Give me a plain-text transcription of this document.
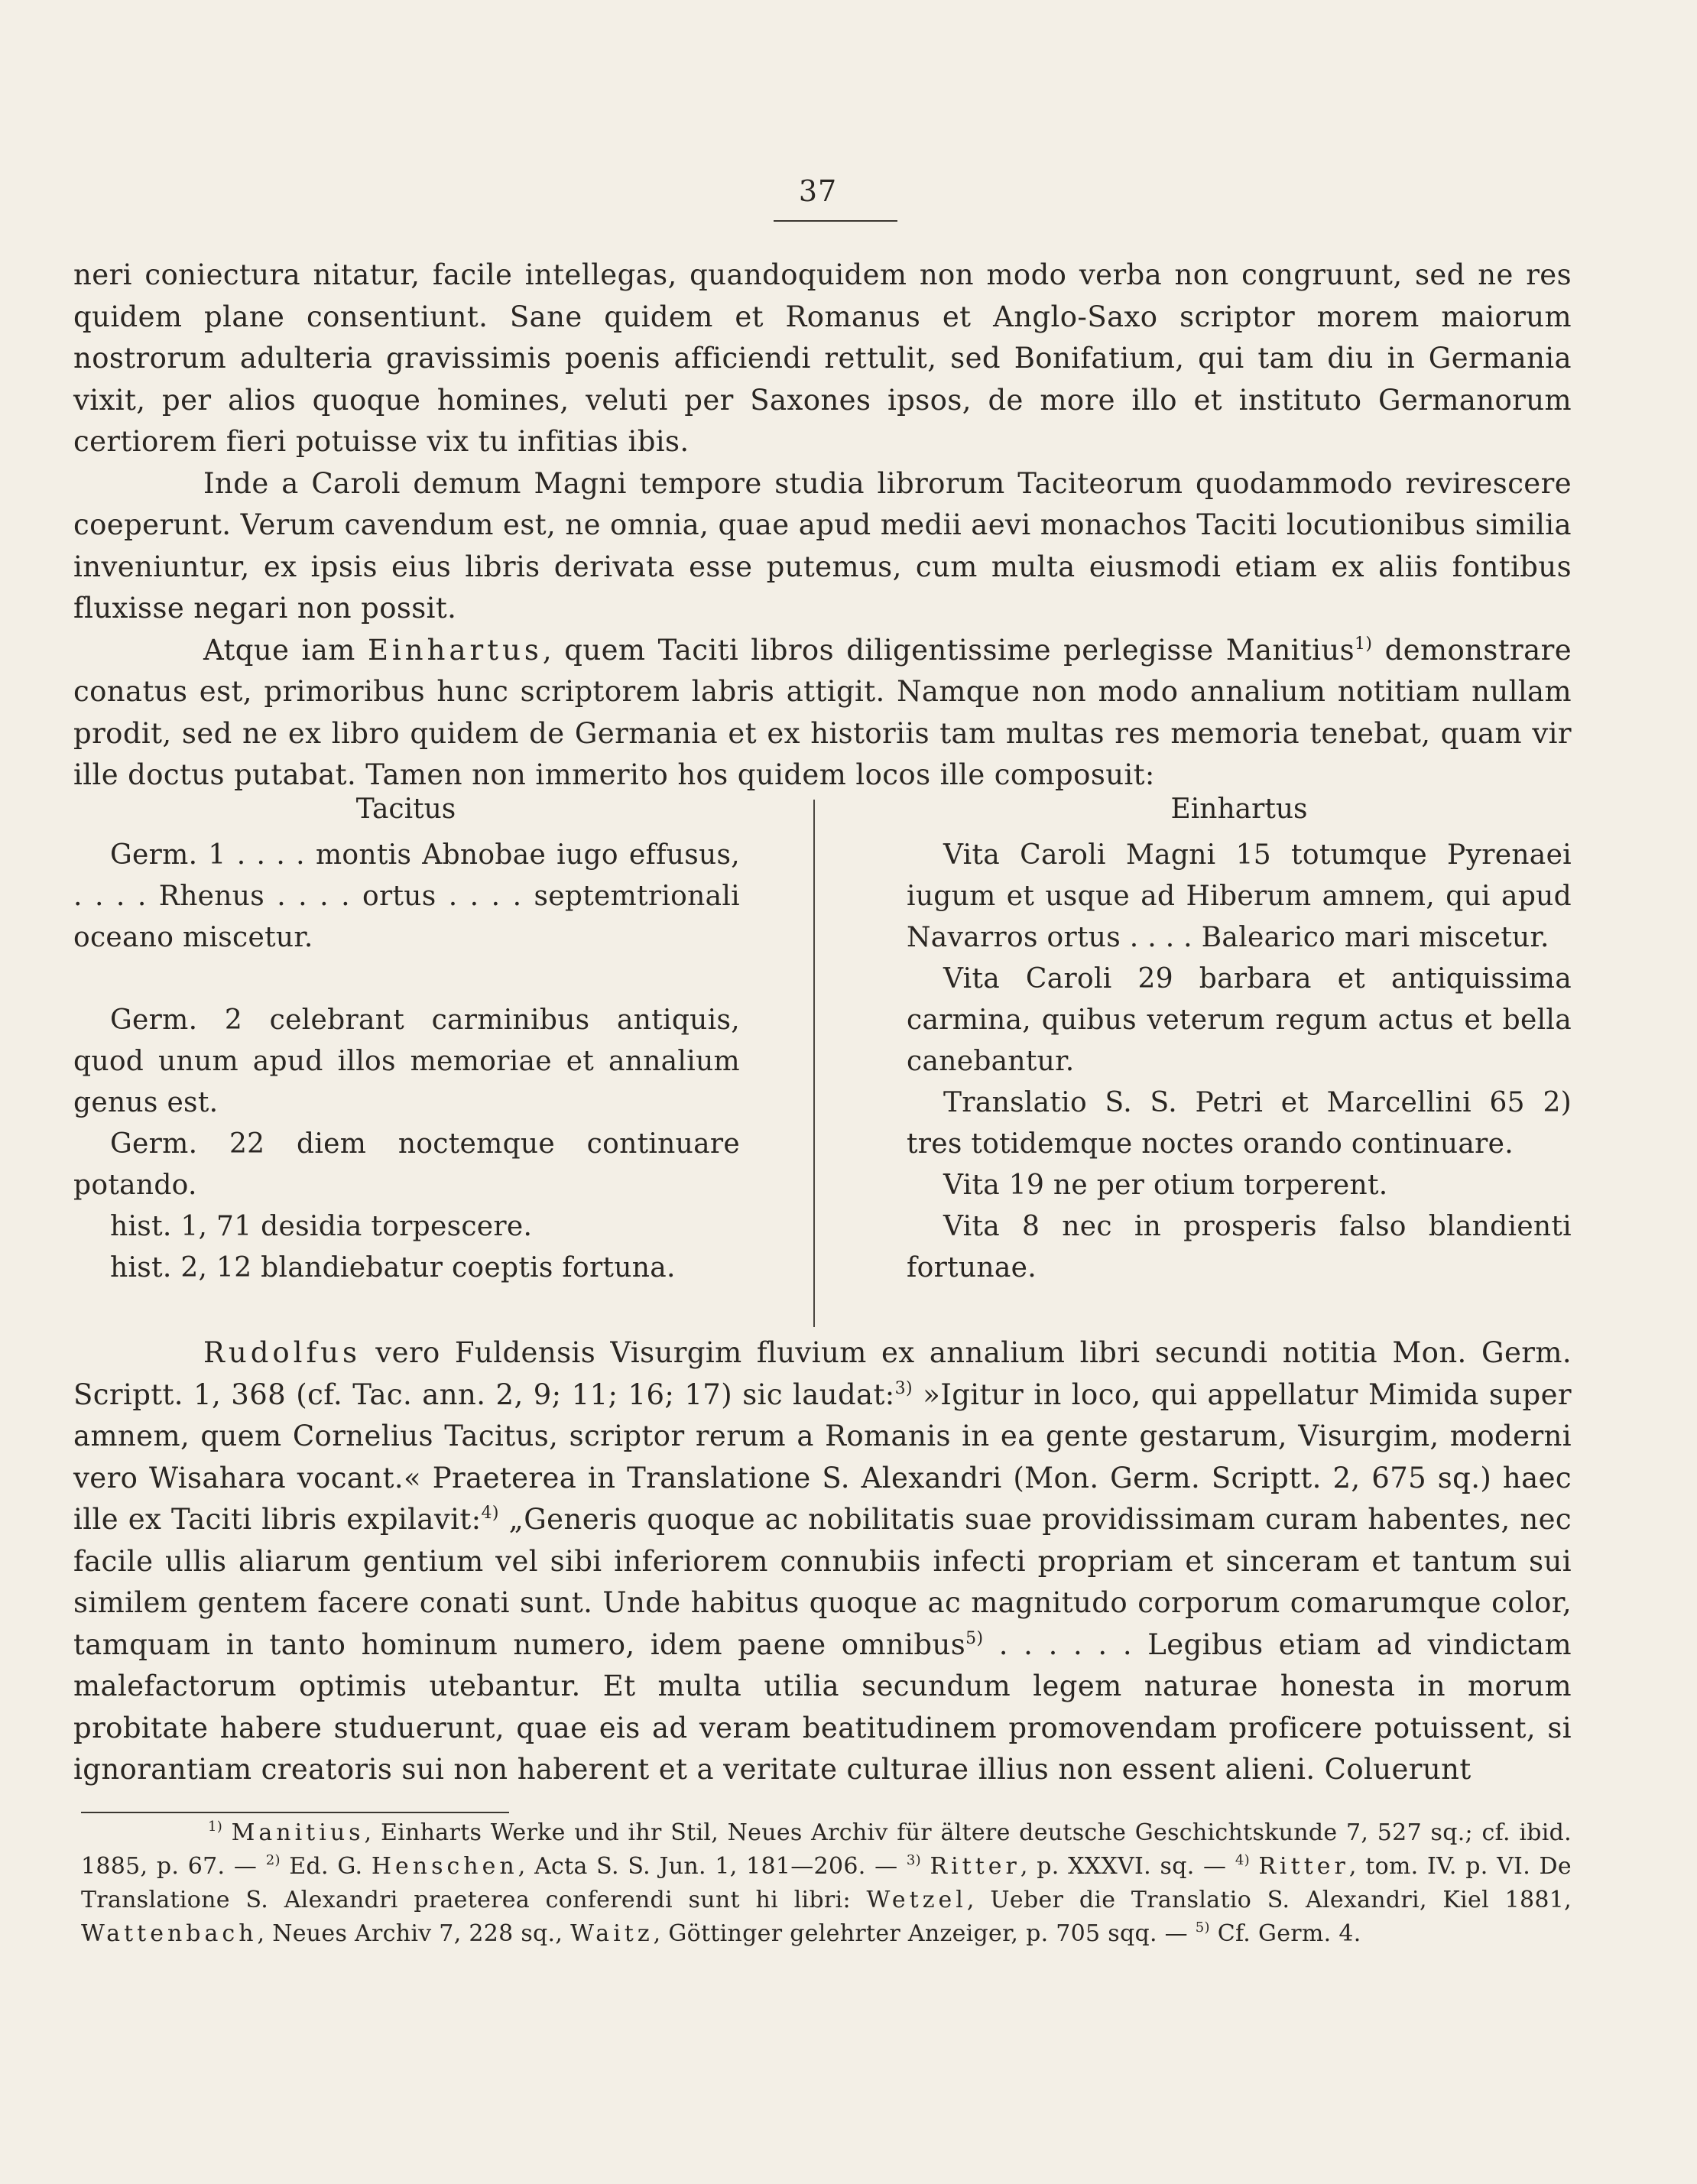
37

neri coniectura nitatur, facile intellegas, quandoquidem non modo verba non congruunt, sed ne res quidem plane consentiunt. Sane quidem et Romanus et Anglo-Saxo scriptor morem maiorum nostrorum adulteria gravissimis poenis afficiendi rettulit, sed Bonifatium, qui tam diu in Germania vixit, per alios quoque homines, veluti per Saxones ipsos, de more illo et instituto Germanorum certiorem fieri potuisse vix tu infitias ibis.

Inde a Caroli demum Magni tempore studia librorum Taciteorum quodammodo revirescere coeperunt. Verum cavendum est, ne omnia, quae apud medii aevi monachos Taciti locutionibus similia inveniuntur, ex ipsis eius libris derivata esse putemus, cum multa eiusmodi etiam ex aliis fontibus fluxisse negari non possit.

Atque iam Einhartus, quem Taciti libros diligentissime perlegisse Manitius$^{1)}$ demonstrare conatus est, primoribus hunc scriptorem labris attigit. Namque non modo annalium notitiam nullam prodit, sed ne ex libro quidem de Germania et ex historiis tam multas res memoria tenebat, quam vir ille doctus putabat. Tamen non immerito hos quidem locos ille composuit:

Tacitus	Einhartus

Germ. 1 . . . . montis Abnobae iugo effusus, . . . . Rhenus . . . . ortus . . . . septemtrionali oceano miscetur.

Germ. 2 celebrant carminibus antiquis, quod unum apud illos memoriae et annalium genus est.

Germ. 22 diem noctemque continuare potando.

hist. 1, 71 desidia torpescere.

hist. 2, 12 blandiebatur coeptis fortuna.

Vita Caroli Magni 15 totumque Pyrenaei iugum et usque ad Hiberum amnem, qui apud Navarros ortus . . . . Balearico mari miscetur.

Vita Caroli 29 barbara et antiquissima carmina, quibus veterum regum actus et bella canebantur.

Translatio S. S. Petri et Marcellini 65 2) tres totidemque noctes orando continuare.

Vita 19 ne per otium torperent.

Vita 8 nec in prosperis falso blandienti fortunae.

Rudolfus vero Fuldensis Visurgim fluvium ex annalium libri secundi notitia Mon. Germ. Scriptt. 1, 368 (cf. Tac. ann. 2, 9; 11; 16; 17) sic laudat:$^{3)}$ »Igitur in loco, qui appellatur Mimida super amnem, quem Cornelius Tacitus, scriptor rerum a Romanis in ea gente gestarum, Visurgim, moderni vero Wisahara vocant.« Praeterea in Translatione S. Alexandri (Mon. Germ. Scriptt. 2, 675 sq.) haec ille ex Taciti libris expilavit:$^{4)}$ „Generis quoque ac nobilitatis suae providissimam curam habentes, nec facile ullis aliarum gentium vel sibi inferiorem connubiis infecti propriam et sinceram et tantum sui similem gentem facere conati sunt. Unde habitus quoque ac magnitudo corporum comarumque color, tamquam in tanto hominum numero, idem paene omnibus$^{5)}$ . . . . . . Legibus etiam ad vindictam malefactorum optimis utebantur. Et multa utilia secundum legem naturae honesta in morum probitate habere studuerunt, quae eis ad veram beatitudinem promovendam proficere potuissent, si ignorantiam creatoris sui non haberent et a veritate culturae illius non essent alieni. Coluerunt

$^{1)}$ Manitius, Einharts Werke und ihr Stil, Neues Archiv für ältere deutsche Geschichtskunde 7, 527 sq.; cf. ibid. 1885, p. 67. — $^{2)}$ Ed. G. Henschen, Acta S. S. Jun. 1, 181—206. — $^{3)}$ Ritter, p. XXXVI. sq. — $^{4)}$ Ritter, tom. IV. p. VI. De Translatione S. Alexandri praeterea conferendi sunt hi libri: Wetzel, Ueber die Translatio S. Alexandri, Kiel 1881, Wattenbach, Neues Archiv 7, 228 sq., Waitz, Göttinger gelehrter Anzeiger, p. 705 sqq. — $^{5)}$ Cf. Germ. 4.
